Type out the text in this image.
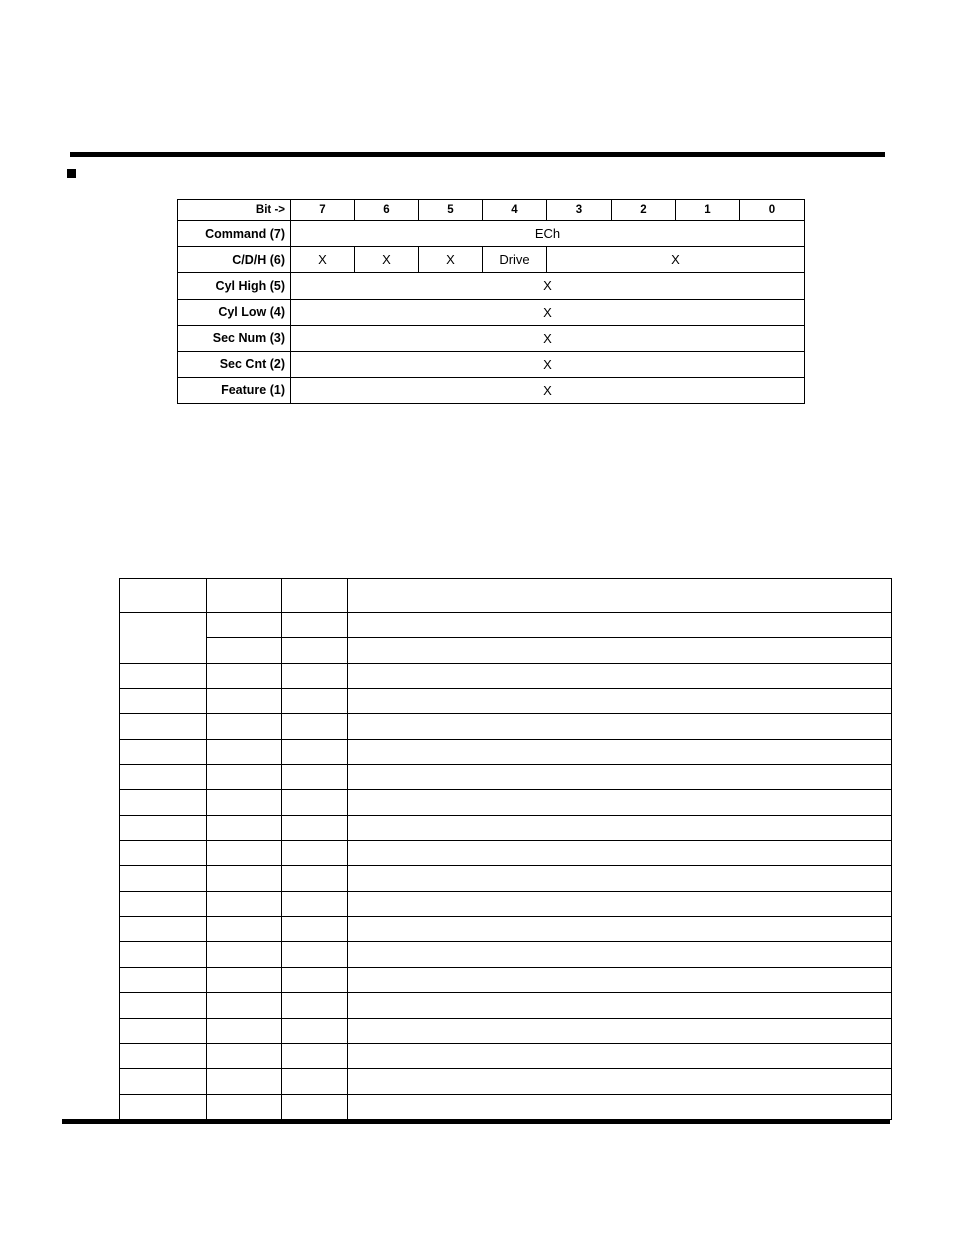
Bit ->	7	6	5	4	3	2	1	0
Command (7)	ECh							
C/D/H (6)	X	X	X	Drive	X			
Cyl High (5)	X							
Cyl Low (4)	X							
Sec Num (3)	X							
Sec Cnt (2)	X							
Feature (1)	X							
